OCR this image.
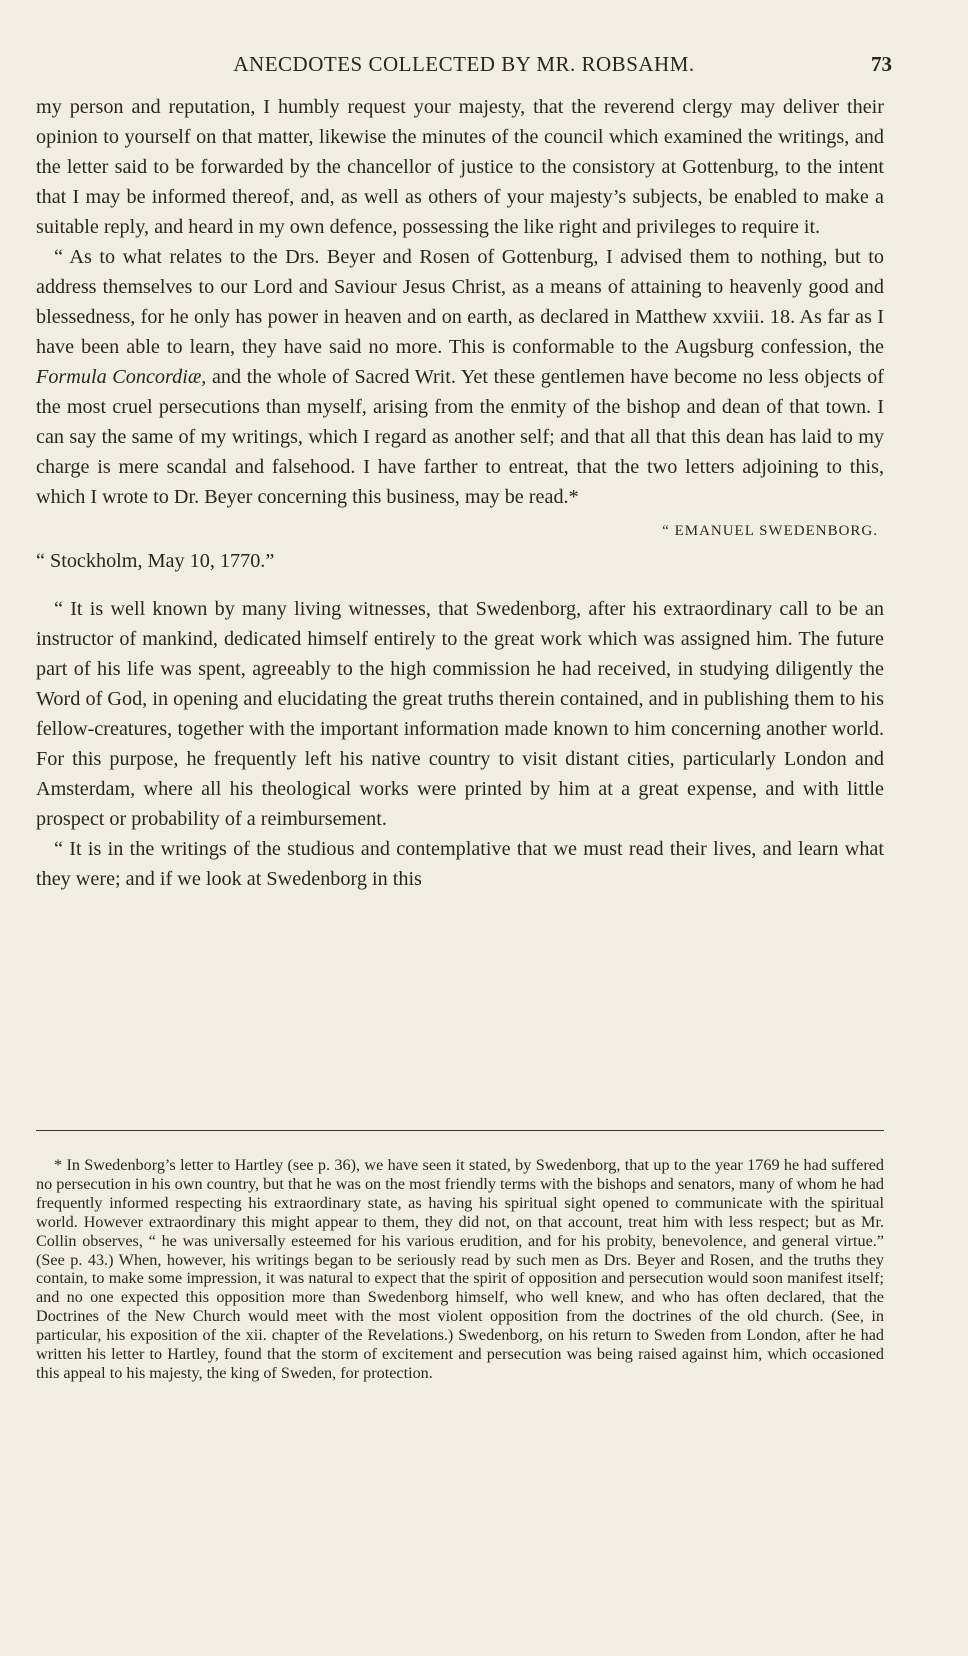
ANECDOTES COLLECTED BY MR. ROBSAHM.	73

my person and reputation, I humbly request your majesty, that the reverend clergy may deliver their opinion to yourself on that matter, likewise the minutes of the council which examined the writings, and the letter said to be forwarded by the chancellor of justice to the consistory at Gottenburg, to the intent that I may be informed thereof, and, as well as others of your majesty’s subjects, be enabled to make a suitable reply, and heard in my own defence, possessing the like right and privileges to require it.

“ As to what relates to the Drs. Beyer and Rosen of Gottenburg, I advised them to nothing, but to address themselves to our Lord and Saviour Jesus Christ, as a means of attaining to heavenly good and blessedness, for he only has power in heaven and on earth, as declared in Matthew xxviii. 18. As far as I have been able to learn, they have said no more. This is conformable to the Augsburg confession, the Formula Concordiæ, and the whole of Sacred Writ. Yet these gentlemen have become no less objects of the most cruel persecutions than myself, arising from the enmity of the bishop and dean of that town. I can say the same of my writings, which I regard as another self; and that all that this dean has laid to my charge is mere scandal and falsehood. I have farther to entreat, that the two letters adjoining to this, which I wrote to Dr. Beyer concerning this business, may be read.*

“ EMANUEL SWEDENBORG.

“ Stockholm, May 10, 1770.”

“ It is well known by many living witnesses, that Swedenborg, after his extraordinary call to be an instructor of mankind, dedicated himself entirely to the great work which was assigned him. The future part of his life was spent, agreeably to the high commission he had received, in studying diligently the Word of God, in opening and elucidating the great truths therein contained, and in publishing them to his fellow-creatures, together with the important information made known to him concerning another world. For this purpose, he frequently left his native country to visit distant cities, particularly London and Amsterdam, where all his theological works were printed by him at a great expense, and with little prospect or probability of a reimbursement.

“ It is in the writings of the studious and contemplative that we must read their lives, and learn what they were; and if we look at Swedenborg in this

* In Swedenborg’s letter to Hartley (see p. 36), we have seen it stated, by Swedenborg, that up to the year 1769 he had suffered no persecution in his own country, but that he was on the most friendly terms with the bishops and senators, many of whom he had frequently informed respecting his extraordinary state, as having his spiritual sight opened to communicate with the spiritual world. However extraordinary this might appear to them, they did not, on that account, treat him with less respect; but as Mr. Collin observes, “ he was universally esteemed for his various erudition, and for his probity, benevolence, and general virtue.” (See p. 43.) When, however, his writings began to be seriously read by such men as Drs. Beyer and Rosen, and the truths they contain, to make some impression, it was natural to expect that the spirit of opposition and persecution would soon manifest itself; and no one expected this opposition more than Swedenborg himself, who well knew, and who has often declared, that the Doctrines of the New Church would meet with the most violent opposition from the doctrines of the old church. (See, in particular, his exposition of the xii. chapter of the Revelations.) Swedenborg, on his return to Sweden from London, after he had written his letter to Hartley, found that the storm of excitement and persecution was being raised against him, which occasioned this appeal to his majesty, the king of Sweden, for protection.
